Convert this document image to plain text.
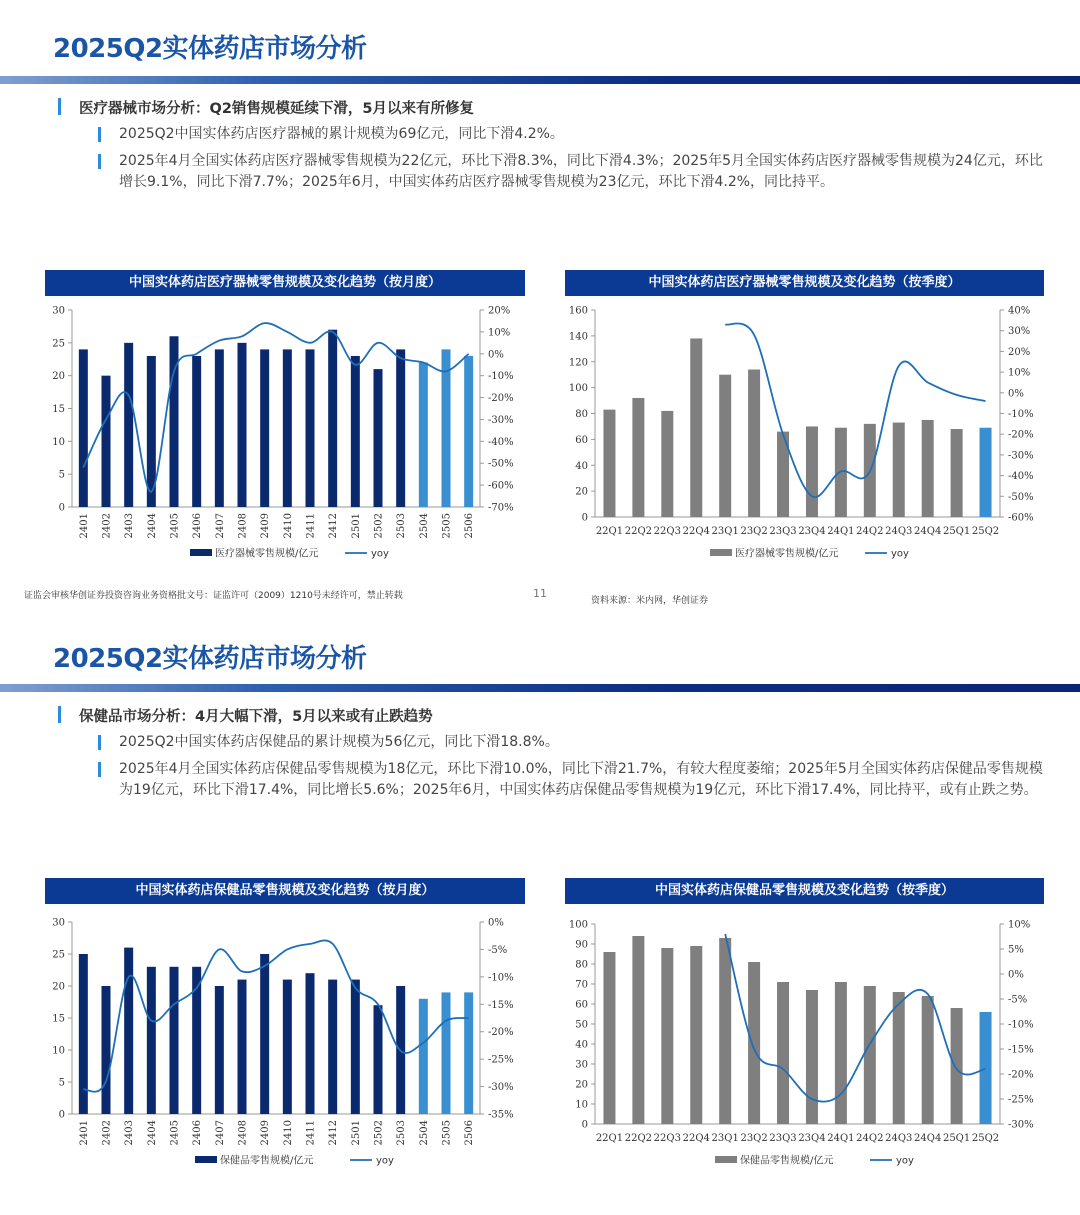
2025Q2实体药店市场分析
医疗器械市场分析：Q2销售规模延续下滑，5月以来有所修复
2025Q2中国实体药店医疗器械的累计规模为69亿元，同比下滑4.2%。
2025年4月全国实体药店医疗器械零售规模为22亿元，环比下滑8.3%，同比下滑4.3%；2025年5月全国实体药店医疗器械零售规模为24亿元，环比增长9.1%，同比下滑7.7%；2025年6月，中国实体药店医疗器械零售规模为23亿元，环比下滑4.2%，同比持平。
中国实体药店医疗器械零售规模及变化趋势（按月度）
0
5
10
15
20
25
30
-70%
-60%
-50%
-40%
-30%
-20%
-10%
0%
10%
20%
2401 2402 2403 2404 2405 2406 2407 2408 2409 2410 2411 2412 2501 2502 2503 2504 2505 2506
医疗器械零售规模/亿元	yoy
中国实体药店医疗器械零售规模及变化趋势（按季度）
0
20
40
60
80
100
120
140
160
-60%
-50%
-40%
-30%
-20%
-10%
0%
10%
20%
30%
40%
22Q1 22Q2 22Q3 22Q4 23Q1 23Q2 23Q3 23Q4 24Q1 24Q2 24Q3 24Q4 25Q1 25Q2
医疗器械零售规模/亿元	yoy
证监会审核华创证券投资咨询业务资格批文号：证监许可（2009）1210号未经许可，禁止转载	11
资料来源：米内网，华创证券
2025Q2实体药店市场分析
保健品市场分析：4月大幅下滑，5月以来或有止跌趋势
2025Q2中国实体药店保健品的累计规模为56亿元，同比下滑18.8%。
2025年4月全国实体药店保健品零售规模为18亿元，环比下滑10.0%，同比下滑21.7%，有较大程度萎缩；2025年5月全国实体药店保健品零售规模为19亿元，环比下滑17.4%，同比增长5.6%；2025年6月，中国实体药店保健品零售规模为19亿元，环比下滑17.4%，同比持平，或有止跌之势。
中国实体药店保健品零售规模及变化趋势（按月度）
0
5
10
15
20
25
30
-35%
-30%
-25%
-20%
-15%
-10%
-5%
0%
2401 2402 2403 2404 2405 2406 2407 2408 2409 2410 2411 2412 2501 2502 2503 2504 2505 2506
保健品零售规模/亿元	yoy
中国实体药店保健品零售规模及变化趋势（按季度）
0
10
20
30
40
50
60
70
80
90
100
-30%
-25%
-20%
-15%
-10%
-5%
0%
5%
10%
22Q1 22Q2 22Q3 22Q4 23Q1 23Q2 23Q3 23Q4 24Q1 24Q2 24Q3 24Q4 25Q1 25Q2
保健品零售规模/亿元	yoy
